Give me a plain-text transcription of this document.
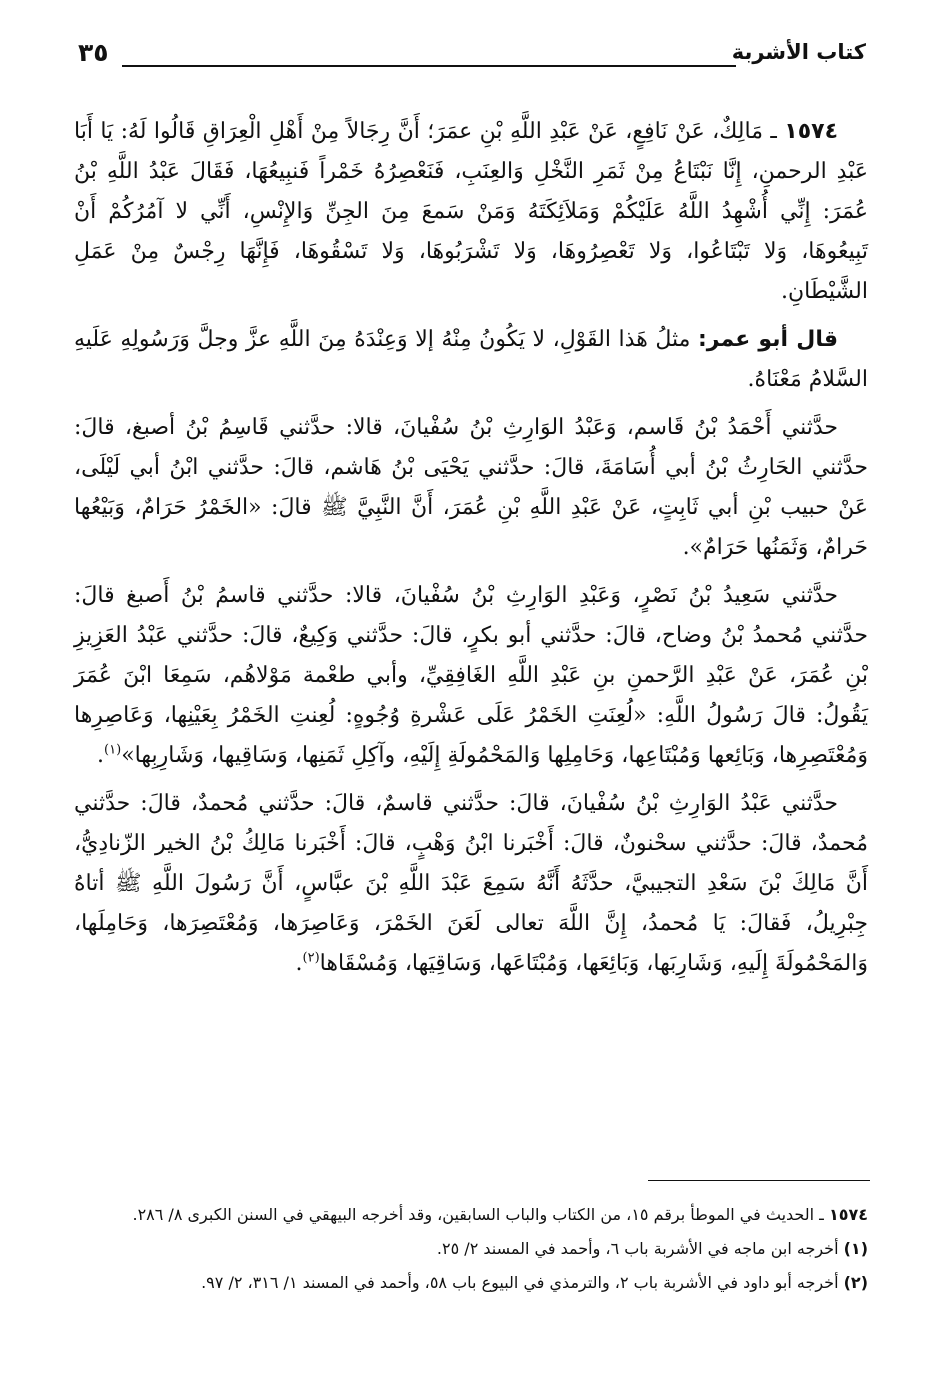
٣٥	كتاب الأشربة

١٥٧٤ ـ مَالِكٌ، عَنْ نَافِعٍ، عَنْ عَبْدِ اللَّهِ بْنِ عمَرَ؛ أَنَّ رِجَالاً مِنْ أَهْلِ الْعِرَاقِ قَالُوا لَهُ: يَا أَبَا عَبْدِ الرحمنِ، إِنَّا نَبْتَاعُ مِنْ ثَمَرِ النَّخْلِ وَالعِنَبِ، فَنَعْصِرُهُ خَمْراً فَنبِيعُهَا، فَقَالَ عَبْدُ اللَّهِ بْنُ عُمَرَ: إِنِّي أُشْهِدُ اللَّهُ عَلَيْكُمْ وَمَلاَئِكَتَهُ وَمَنْ سَمعَ مِنَ الجِنِّ وَالإِنْسِ، أَنِّي لا آمُرُكُمْ أَنْ تَبِيعُوهَا، وَلا تَبْتَاعُوا، وَلا تَعْصِرُوهَا، وَلا تَشْرَبُوهَا، وَلا تَسْقُوهَا، فَإِنَّهَا رِجْسٌ مِنْ عَمَلِ الشَّيْطَانِ.

قال أبو عمر: مثلُ هَذا القَوْلِ، لا يَكُونُ مِنْهُ إلا وَعِنْدَهُ مِنَ اللَّهِ عزَّ وجلَّ وَرَسُولِهِ عَلَيهِ السَّلامُ مَعْنَاهُ.

حدَّثني أَحْمَدُ بْنُ قَاسم، وَعَبْدُ الوَارِثِ بْنُ سُفْيانَ، قالا: حدَّثني قَاسِمُ بْنُ أصبغ، قالَ: حدَّثني الحَارِثُ بْنُ أبي أُسَامَةَ، قالَ: حدَّثني يَحْيَى بْنُ هَاشم، قالَ: حدَّثني ابْنُ أبي لَيْلَى، عَنْ حبيب بْنِ أبي ثَابِتٍ، عَنْ عَبْدِ اللَّهِ بْنِ عُمَرَ، أَنَّ النَّبِيَّ ﷺ قالَ: «الخَمْرُ حَرَامٌ، وَبَيْعُها حَرامٌ، وَثَمَنُها حَرَامٌ».

حدَّثني سَعِيدُ بْنُ نَصْرٍ، وَعَبْدِ الوَارِثِ بْنُ سُفْيانَ، قالا: حدَّثني قاسمُ بْنُ أَصبغ قالَ: حدَّثني مُحمدُ بْنُ وضاح، قالَ: حدَّثني أبو بكرٍ، قالَ: حدَّثني وَكِيعٌ، قالَ: حدَّثني عَبْدُ العَزِيزِ بْنِ عُمَرَ، عَنْ عَبْدِ الرَّحمنِ بنِ عَبْدِ اللَّهِ الغَافِقِيِّ، وأبي طعْمة مَوْلاهُم، سَمِعَا ابْنَ عُمَرَ يَقُولُ: قالَ رَسُولُ اللَّهِ: «لُعِنَتِ الخَمْرُ عَلَى عَشْرةِ وُجُوهٍ: لُعِنتِ الخَمْرُ بِعَيْنِها، وَعَاصِرِها وَمُعْتَصِرِها، وَبَائِعها وَمُبْتَاعِها، وَحَامِلِها وَالمَحْمُولَةِ إِلَيْهِ، وآكِلِ ثَمَنِها، وَسَاقِيها، وَشَارِبِها»$^{(١)}$.

حدَّثني عَبْدُ الوَارِثِ بْنُ سُفْيانَ، قالَ: حدَّثني قاسمٌ، قالَ: حدَّثني مُحمدٌ، قالَ: حدَّثني مُحمدٌ، قالَ: حدَّثني سحْنونٌ، قالَ: أَخْبَرنا ابْنُ وَهْبٍ، قالَ: أَخْبَرنا مَالِكُ بْنُ الخير الزّنادِيُّ، أَنَّ مَالِكَ بْنَ سَعْدِ التجيبيَّ، حدَّثَهُ أَنَّهُ سَمِعَ عَبْدَ اللَّهِ بْنَ عبَّاسٍ، أَنَّ رَسُولَ اللَّهِ ﷺ أتاهُ جِبْرِيلُ، فَقالَ: يَا مُحمدُ، إِنَّ اللَّهَ تعالى لَعَنَ الخَمْرَ، وَعَاصِرَها، وَمُعْتَصِرَها، وَحَامِلَها، وَالمَحْمُولَةَ إِلَيهِ، وَشَارِبَها، وَبَائِعَها، وَمُبْتَاعَها، وَسَاقِيَها، وَمُسْقَاها$^{(٢)}$.

١٥٧٤ ـ الحديث في الموطأ برقم ١٥، من الكتاب والباب السابقين، وقد أخرجه البيهقي في السنن الكبرى ٨/ ٢٨٦.

(١) أخرجه ابن ماجه في الأشربة باب ٦، وأحمد في المسند ٢/ ٢٥.

(٢) أخرجه أبو داود في الأشربة باب ٢، والترمذي في البيوع باب ٥٨، وأحمد في المسند ١/ ٣١٦، ٢/ ٩٧.
